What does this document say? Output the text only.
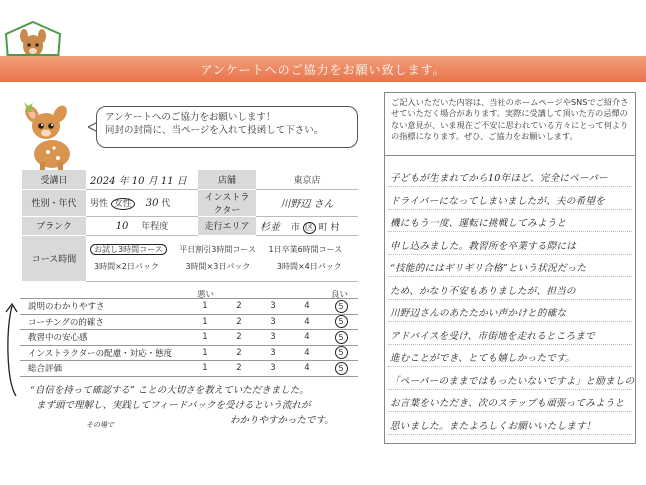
アンケートへのご協力をお願い致します。
アンケートへのご協力をお願いします！
同封の封筒に、当ページを入れて投函して下さい。
受講日	2024 年 10 月 11 日	店舗	東京店
性別・年代	男性 女性 30 代	インストラクター	川野辺 さん
ブランク	10 年程度	走行エリア	杉並 市 区 町 村
コース時間	お試し3時間コース 平日割引3時間コース 1日卒業6時間コース
3時間×2日パック 3時間×3日パック 3時間×4日パック		
悪い	良い
説明のわかりやすさ	1	2	3	4	5
コーチングの的確さ	1	2	3	4	5
教習中の安心感	1	2	3	4	5
インストラクターの配慮・対応・態度	1	2	3	4	5
総合評価	1	2	3	4	5
“自信を持って確認する” ことの大切さを教えていただきました。
まず頭で理解し、実践してフィードバックを受けるという流れが
わかりやすかったです。
その場で
ご記入いただいた内容は、当社のホームページやSNSでご紹介させていただく場合があります。実際に受講して頂いた方の忌憚のない意見が、いま現在ご不安に思われている方々にとって何よりの指標になります。ぜひ、ご協力をお願いします。
子どもが生まれてから10年ほど、完全にペーパー
ドライバーになってしまいましたが、夫の希望を
機にもう一度、運転に挑戦してみようと
申し込みました。教習所を卒業する際には
“技能的にはギリギリ合格”という状況だった
ため、かなり不安もありましたが、担当の
川野辺さんのあたたかい声かけと的確な
アドバイスを受け、市街地を走れるところまで
進むことができ、とても嬉しかったです。
「ペーパーのままではもったいないですよ」と励ましの
お言葉をいただき、次のステップも頑張ってみようと
思いました。またよろしくお願いいたします！
